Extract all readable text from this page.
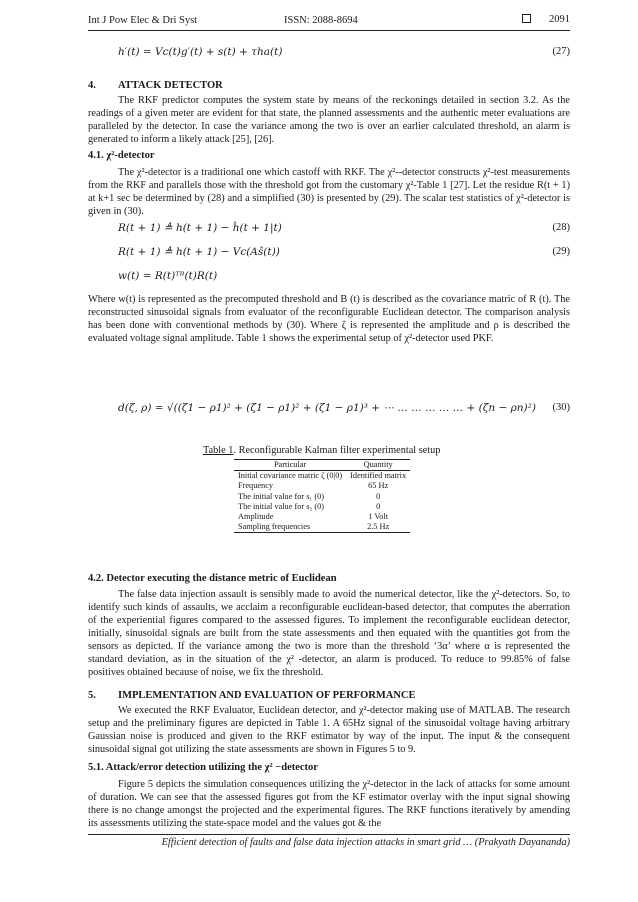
Int J Pow Elec & Dri Syst	ISSN: 2088-8694	2091
h′(t) = Vc(t)g′(t) + s(t) + τha(t)	(27)
4. ATTACK DETECTOR

The RKF predictor computes the system state by means of the reckonings detailed in section 3.2. As the readings of a given meter are evident for that state, the planned assessments and the authentic meter evaluations are paralleled by the detector. In case the variance among the two is over an earlier calculated threshold, an alarm is generated to inform a likely attack [25], [26].

4.1. χ²-detector

The χ²-detector is a traditional one which castoff with RKF. The χ²--detector constructs χ²-test measurements from the RKF and parallels those with the threshold got from the customary χ²-Table 1 [27]. Let the residue R(t + 1) at k+1 sec be determined by (28) and a simplified (30) is presented by (29). The scalar test statistics of χ²-detector is given in (30).

R(t + 1) ≜ h(t + 1) − ĥ(t + 1|t)	(28)
R(t + 1) ≜ h(t + 1) − Vc(Aŝ(t))	(29)
w(t) = R(t)ᵀᴮ(t)R(t)

Where w(t) is represented as the precomputed threshold and B (t) is described as the covariance matric of R (t). The reconstructed sinusoidal signals from evaluator of the reconfigurable Euclidean detector. The comparison analysis has been done with conventional methods by (30). Where ζ is represented the amplitude and ρ is described the evaluated voltage signal amplitude. Table 1 shows the experimental setup of χ²-detector used PKF.

d(ζ, ρ) = √((ζ1 − ρ1)² + (ζ1 − ρ1)² + (ζ1 − ρ1)³ + ⋯ … … … … … + (ζn − ρn)²) (30)
Table 1. Reconfigurable Kalman filter experimental setup
Particular	Quantity
Initial covariance matric ζ (0|0)	Identified matrix
Frequency	65 Hz
The initial value for s₁ (0)	0
The initial value for s₂ (0)	0
Amplitude	1 Volt
Sampling frequencies	2.5 Hz
4.2. Detector executing the distance metric of Euclidean

The false data injection assault is sensibly made to avoid the numerical detector, like the χ²-detectors. So, to identify such kinds of assaults, we acclaim a reconfigurable euclidean-based detector, that computes the aberration of the experiential figures compared to the assessed figures. To implement the reconfigurable euclidean detector, initially, sinusoidal signals are built from the state assessments and then equated with the quantities got from the sensors as depicted. If the variance among the two is more than the threshold ‘3α’ where α is represented the standard deviation, as in the situation of the χ² -detector, an alarm is produced. To reduce to 99.85% of false positives obtained because of noise, we fix the threshold.

5. IMPLEMENTATION AND EVALUATION OF PERFORMANCE

We executed the RKF Evaluator, Euclidean detector, and χ²-detector making use of MATLAB. The research setup and the preliminary figures are depicted in Table 1. A 65Hz signal of the sinusoidal voltage having arbitrary Gaussian noise is produced and given to the RKF estimator by way of the input. The input & the consequent sinusoidal signal got utilizing the state assessments are shown in Figures 5 to 9.

5.1. Attack/error detection utilizing the χ² −detector

Figure 5 depicts the simulation consequences utilizing the χ²-detector in the lack of attacks for some amount of duration. We can see that the assessed figures got from the KF estimator overlay with the input signal showing there is no change amongst the projected and the experimental figures. The RKF functions iteratively by amending its assessments utilizing the state-space model and the values got & the

Efficient detection of faults and false data injection attacks in smart grid … (Prakyath Dayananda)
